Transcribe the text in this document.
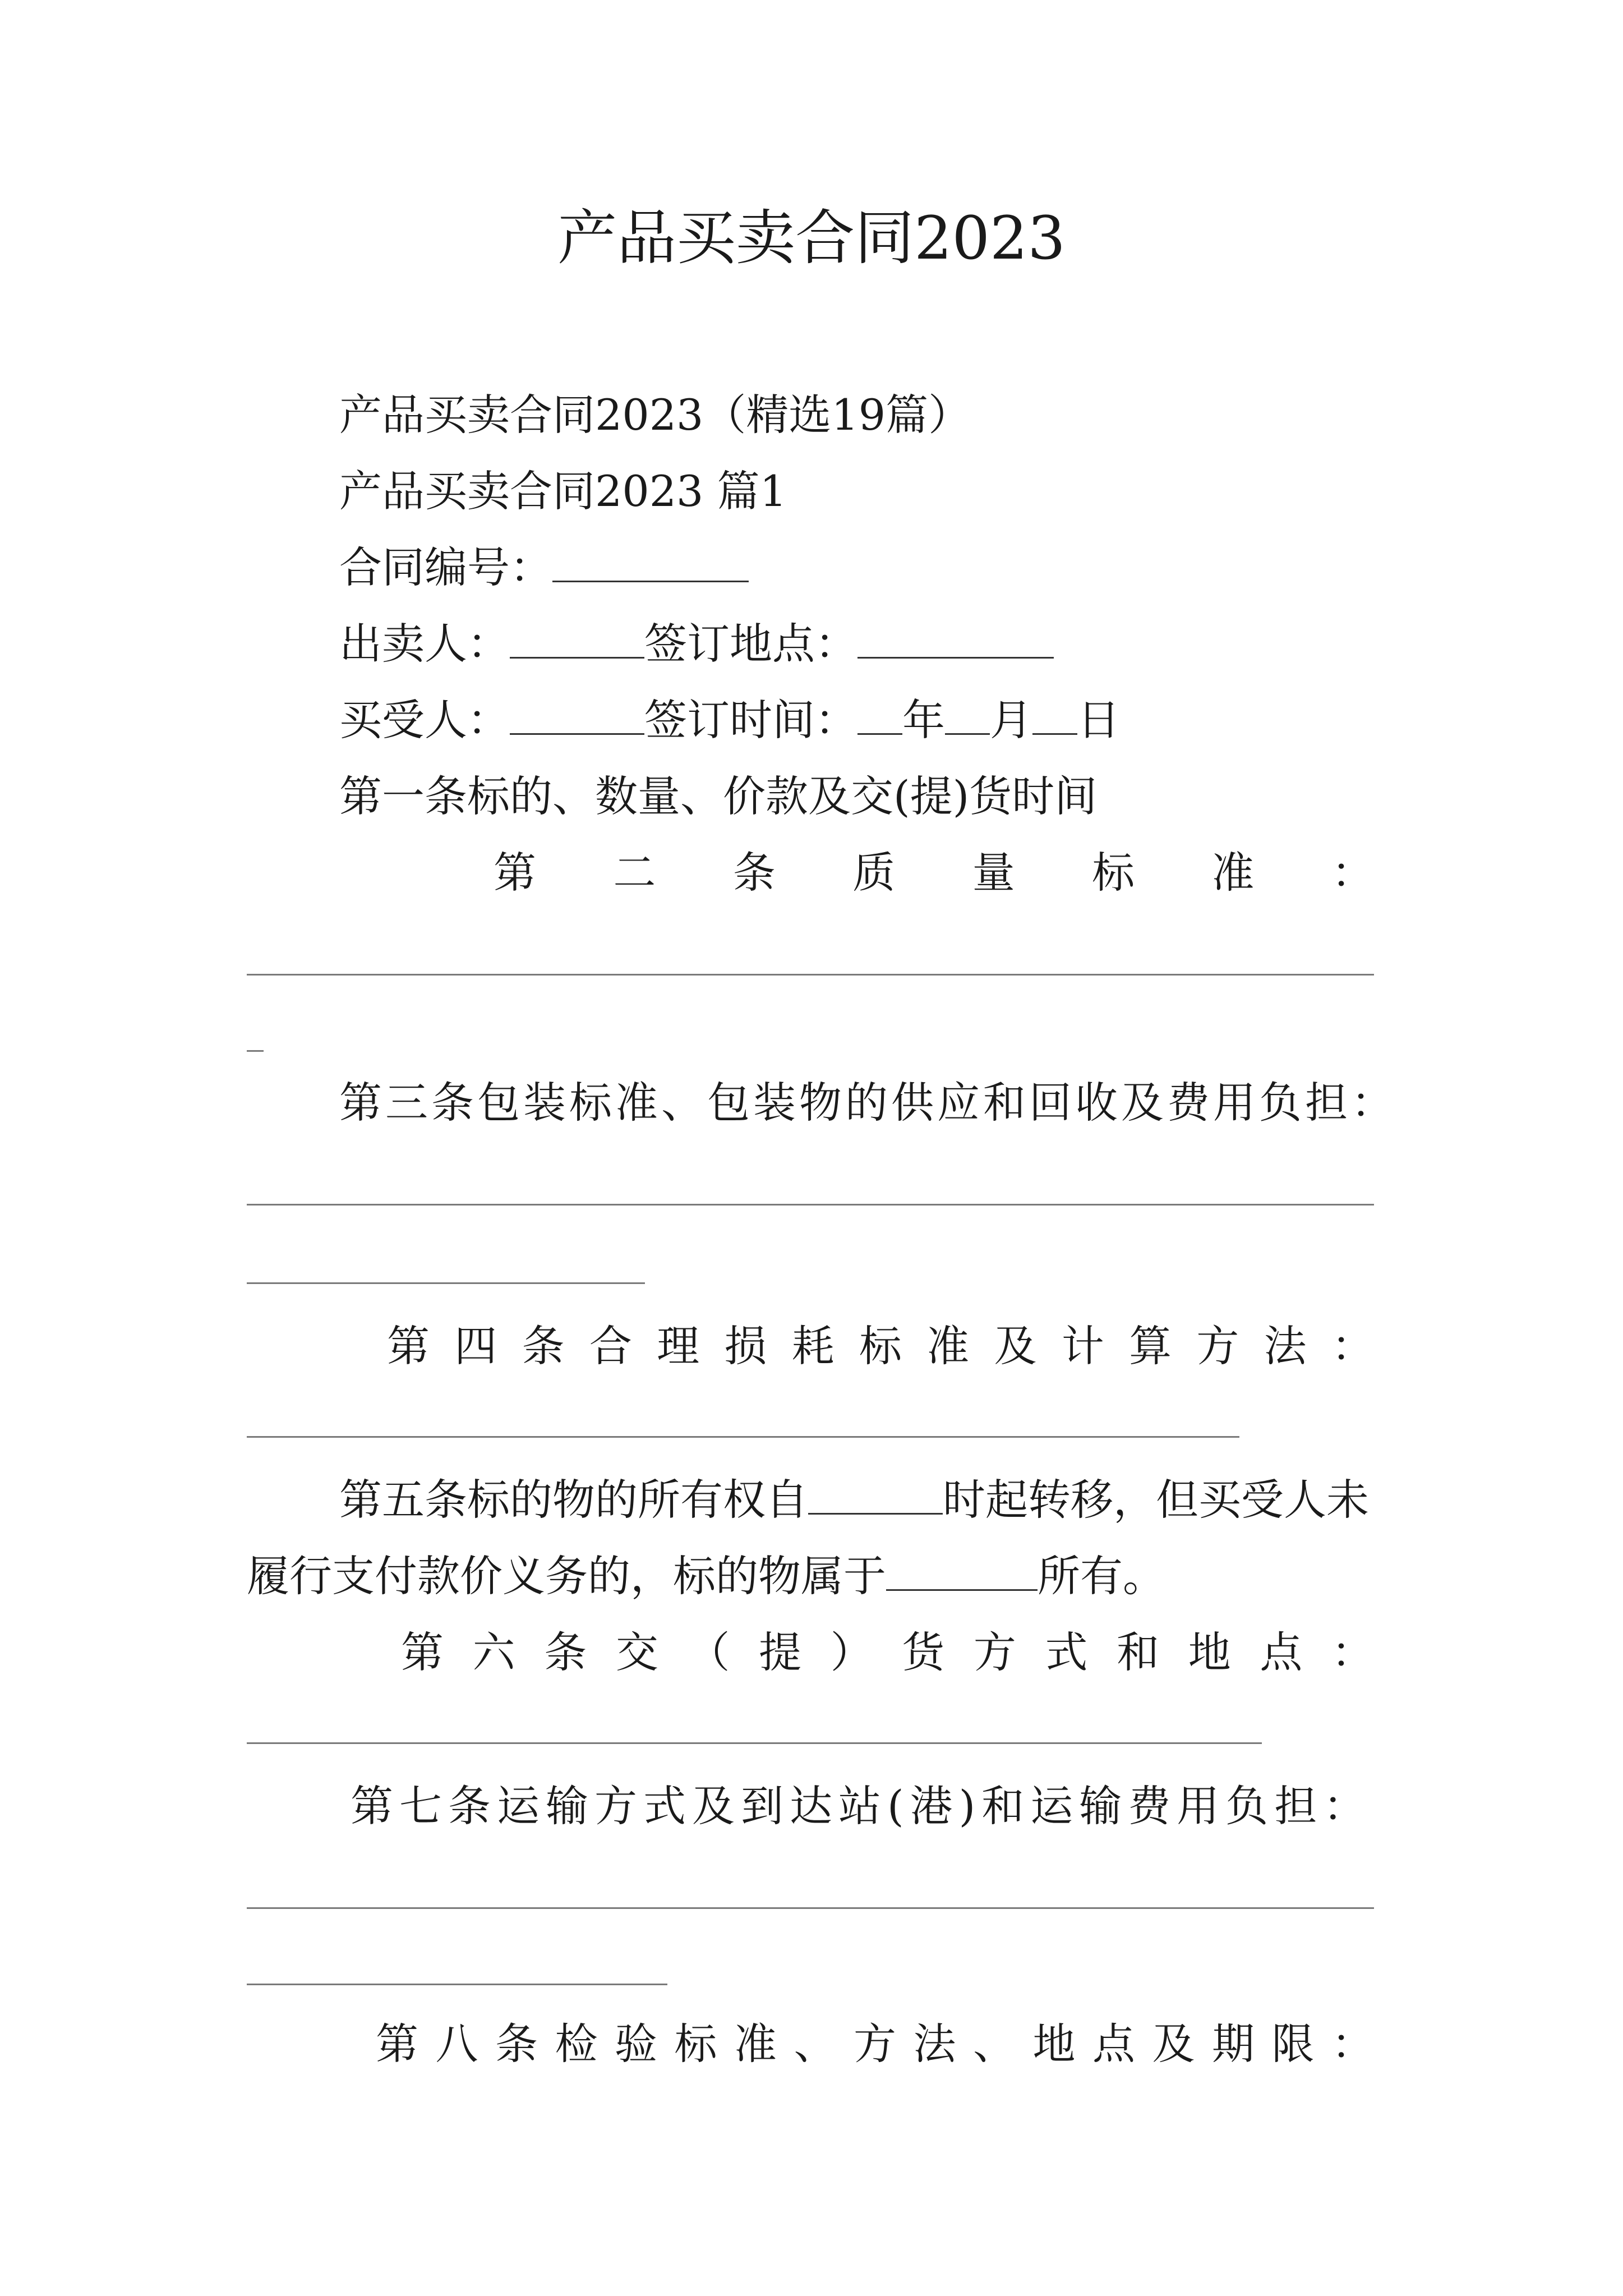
产品买卖合同2023

产品买卖合同2023（精选19篇）

产品买卖合同2023 篇1

合同编号：

出卖人：	签订地点：

买受人：	签订时间： 年 月 日

第一条标的、数量、价款及交(提)货时间

第 二 条 质 量 标 准 ：

第三条包装标准、包装物的供应和回收及费用负担：

第 四 条 合 理 损 耗 标 准 及 计 算 方 法 ：

第五条标的物的所有权自	时起转移，但买受人未

履行支付款价义务的，标的物属于	所有。

第 六 条 交 （ 提 ） 货 方 式 和 地 点 ：

第七条运输方式及到达站(港)和运输费用负担：

第 八 条 检 验 标 准 、 方 法 、 地 点 及 期 限 ：
